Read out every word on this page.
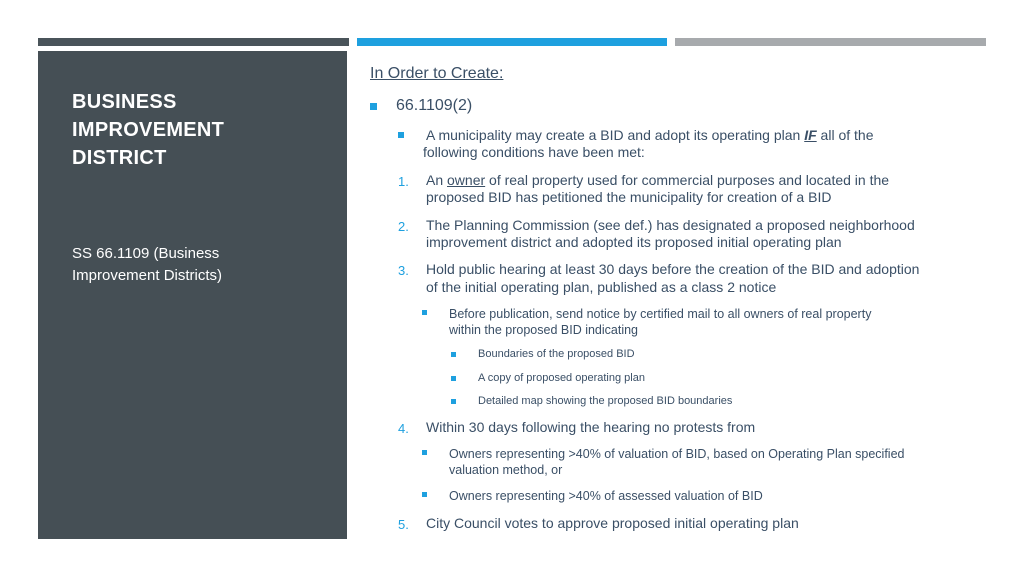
BUSINESS
IMPROVEMENT
DISTRICT
SS 66.1109 (Business
Improvement Districts)
In Order to Create:
66.1109(2)
A municipality may create a BID and adopt its operating plan IF all of the
following conditions have been met:
1. An owner of real property used for commercial purposes and located in the
proposed BID has petitioned the municipality for creation of a BID
2. The Planning Commission (see def.) has designated a proposed neighborhood
improvement district and adopted its proposed initial operating plan
3. Hold public hearing at least 30 days before the creation of the BID and adoption
of the initial operating plan, published as a class 2 notice
Before publication, send notice by certified mail to all owners of real property
within the proposed BID indicating
Boundaries of the proposed BID
A copy of proposed operating plan
Detailed map showing the proposed BID boundaries
4. Within 30 days following the hearing no protests from
Owners representing >40% of valuation of BID, based on Operating Plan specified
valuation method, or
Owners representing >40% of assessed valuation of BID
5. City Council votes to approve proposed initial operating plan
